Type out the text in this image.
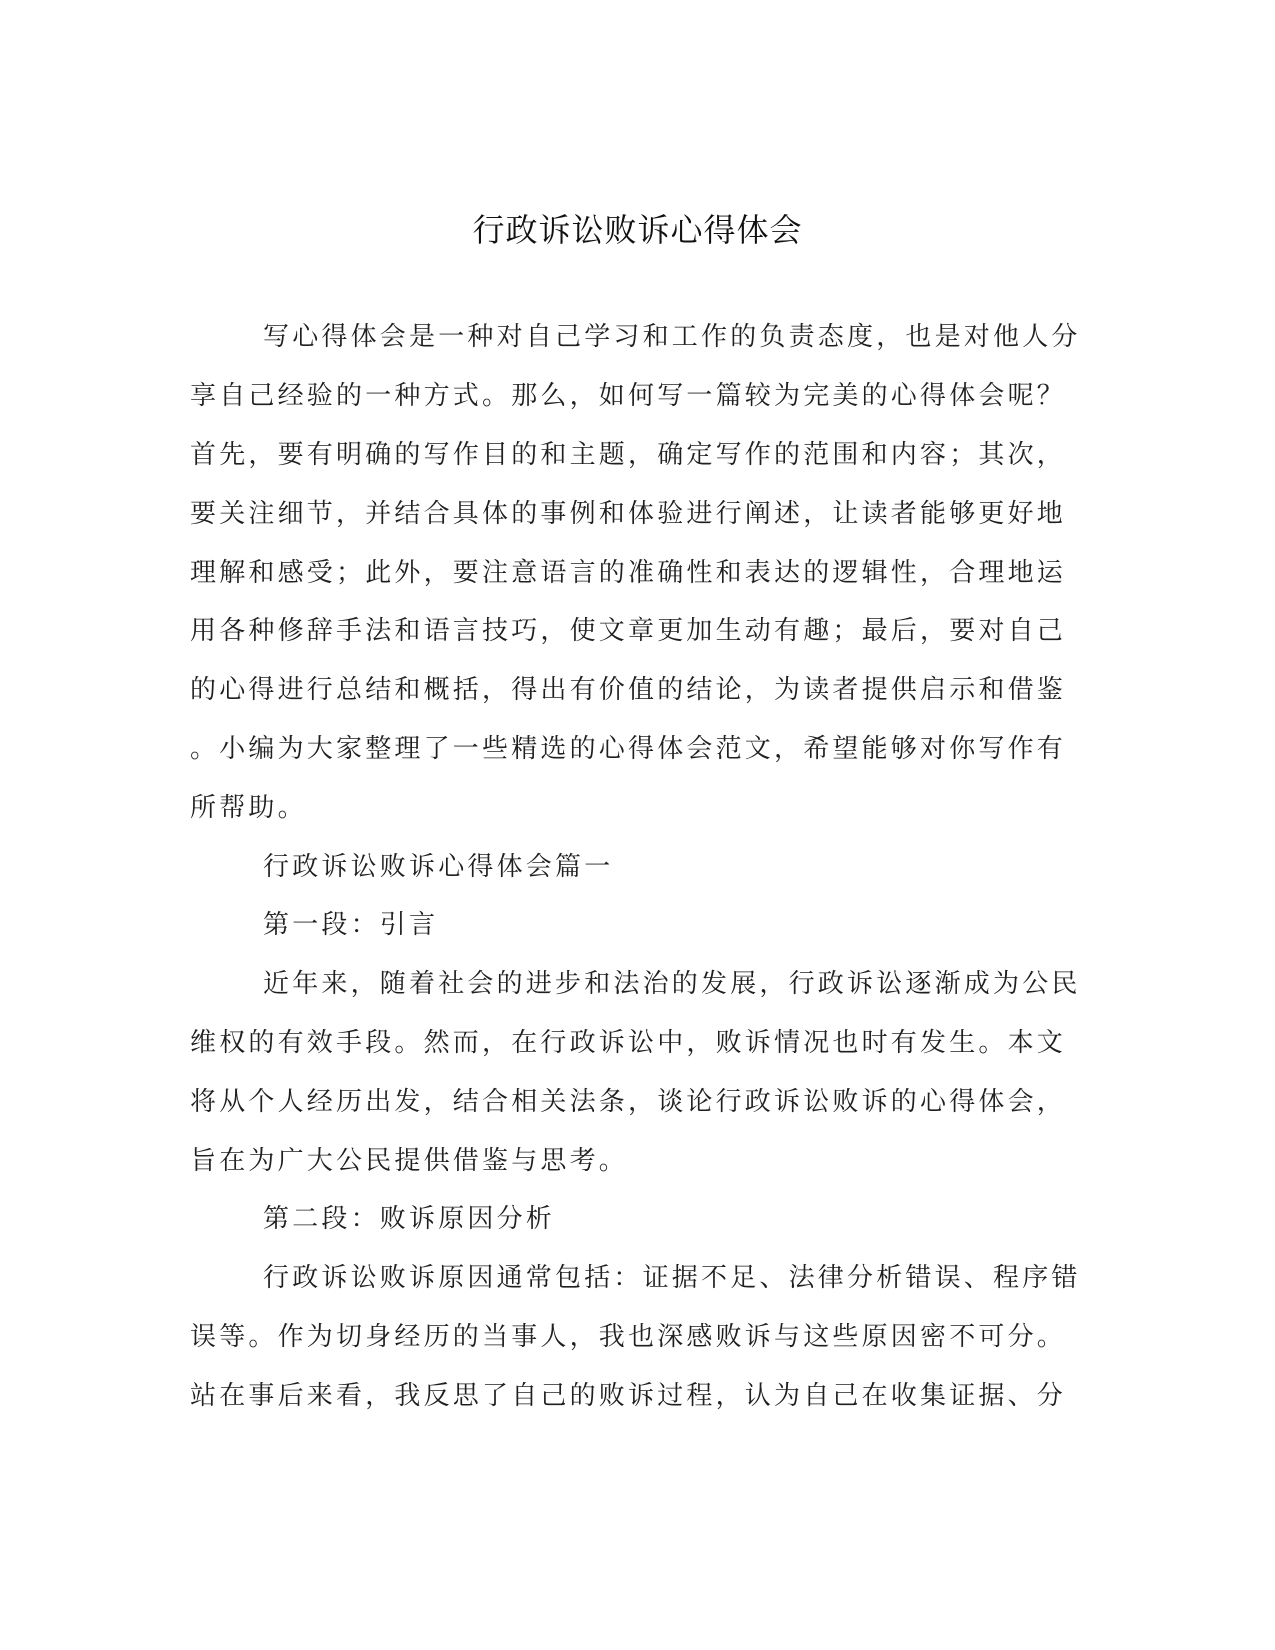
行政诉讼败诉心得体会
写心得体会是一种对自己学习和工作的负责态度，也是对他人分
享自己经验的一种方式。那么，如何写一篇较为完美的心得体会呢？
首先，要有明确的写作目的和主题，确定写作的范围和内容；其次，
要关注细节，并结合具体的事例和体验进行阐述，让读者能够更好地
理解和感受；此外，要注意语言的准确性和表达的逻辑性，合理地运
用各种修辞手法和语言技巧，使文章更加生动有趣；最后，要对自己
的心得进行总结和概括，得出有价值的结论，为读者提供启示和借鉴
。小编为大家整理了一些精选的心得体会范文，希望能够对你写作有
所帮助。
行政诉讼败诉心得体会篇一
第一段：引言
近年来，随着社会的进步和法治的发展，行政诉讼逐渐成为公民
维权的有效手段。然而，在行政诉讼中，败诉情况也时有发生。本文
将从个人经历出发，结合相关法条，谈论行政诉讼败诉的心得体会，
旨在为广大公民提供借鉴与思考。
第二段：败诉原因分析
行政诉讼败诉原因通常包括：证据不足、法律分析错误、程序错
误等。作为切身经历的当事人，我也深感败诉与这些原因密不可分。
站在事后来看，我反思了自己的败诉过程，认为自己在收集证据、分
